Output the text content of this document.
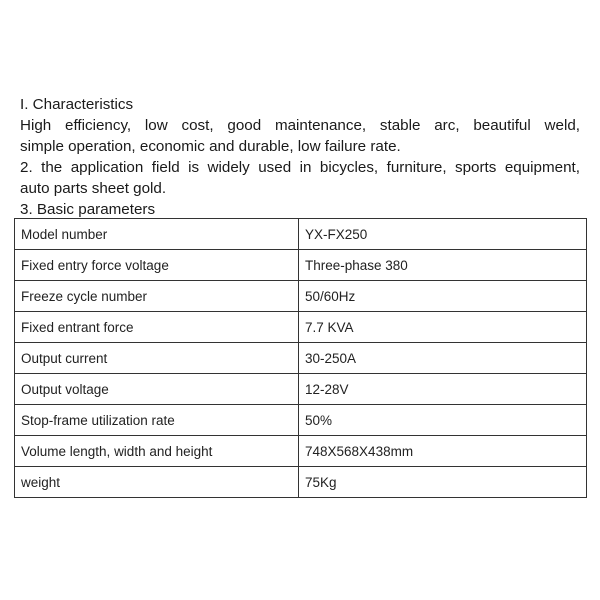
I. Characteristics
High efficiency, low cost, good maintenance, stable arc, beautiful weld,
simple operation, economic and durable, low failure rate.
2. the application field is widely used in bicycles, furniture, sports equipment,
auto parts sheet gold.
3. Basic parameters
Model number	YX-FX250
Fixed entry force voltage	Three-phase 380
Freeze cycle number	50/60Hz
Fixed entrant force	7.7 KVA
Output current	30-250A
Output voltage	12-28V
Stop-frame utilization rate	50%
Volume length, width and height	748X568X438mm
weight	75Kg
